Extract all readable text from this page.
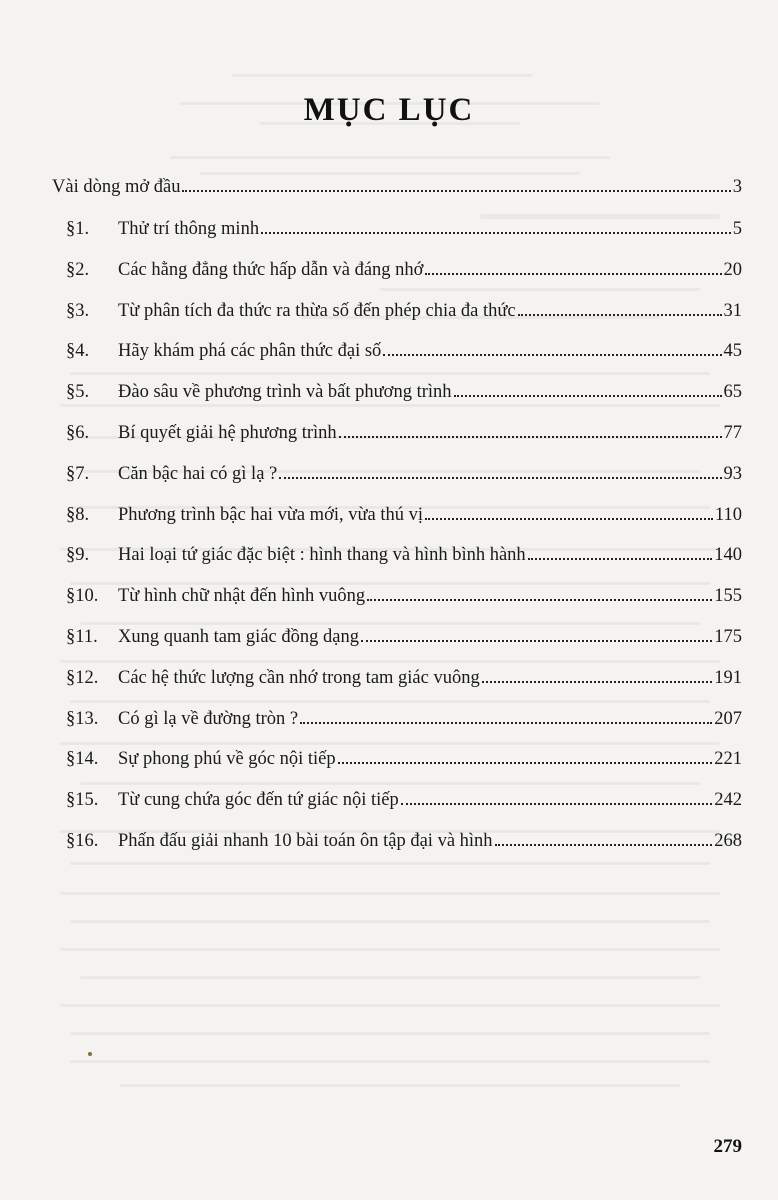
MỤC LỤC
Vài dòng mở đầu	3
§1.	Thử trí thông minh	5
§2.	Các hằng đẳng thức hấp dẫn và đáng nhớ	20
§3.	Từ phân tích đa thức ra thừa số đến phép chia đa thức	31
§4.	Hãy khám phá các phân thức đại số	45
§5.	Đào sâu về phương trình và bất phương trình	65
§6.	Bí quyết giải hệ phương trình	77
§7.	Căn bậc hai có gì lạ ?	93
§8.	Phương trình bậc hai vừa mới, vừa thú vị	110
§9.	Hai loại tứ giác đặc biệt : hình thang và hình bình hành	140
§10.	Từ hình chữ nhật đến hình vuông	155
§11.	Xung quanh tam giác đồng dạng	175
§12.	Các hệ thức lượng cần nhớ trong tam giác vuông	191
§13.	Có gì lạ về đường tròn ?	207
§14.	Sự phong phú về góc nội tiếp	221
§15.	Từ cung chứa góc đến tứ giác nội tiếp	242
§16.	Phấn đấu giải nhanh 10 bài toán ôn tập đại và hình	268
279
